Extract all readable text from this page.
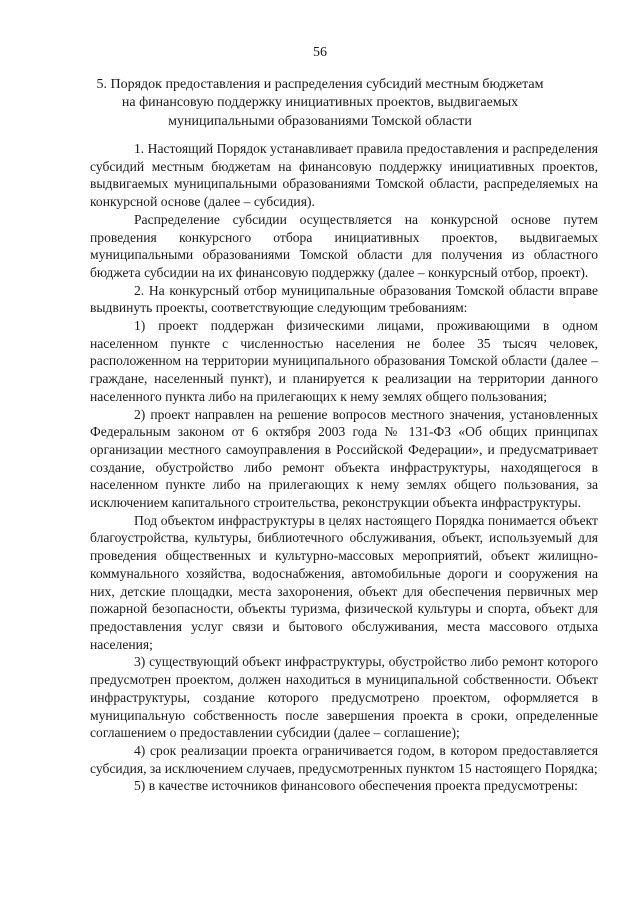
56
5. Порядок предоставления и распределения субсидий местным бюджетам на финансовую поддержку инициативных проектов, выдвигаемых муниципальными образованиями Томской области

1. Настоящий Порядок устанавливает правила предоставления и распределения субсидий местным бюджетам на финансовую поддержку инициативных проектов, выдвигаемых муниципальными образованиями Томской области, распределяемых на конкурсной основе (далее – субсидия).

Распределение субсидии осуществляется на конкурсной основе путем проведения конкурсного отбора инициативных проектов, выдвигаемых муниципальными образованиями Томской области для получения из областного бюджета субсидии на их финансовую поддержку (далее – конкурсный отбор, проект).

2. На конкурсный отбор муниципальные образования Томской области вправе выдвинуть проекты, соответствующие следующим требованиям:

1) проект поддержан физическими лицами, проживающими в одном населенном пункте с численностью населения не более 35 тысяч человек, расположенном на территории муниципального образования Томской области (далее – граждане, населенный пункт), и планируется к реализации на территории данного населенного пункта либо на прилегающих к нему землях общего пользования;

2) проект направлен на решение вопросов местного значения, установленных Федеральным законом от 6 октября 2003 года № 131-ФЗ «Об общих принципах организации местного самоуправления в Российской Федерации», и предусматривает создание, обустройство либо ремонт объекта инфраструктуры, находящегося в населенном пункте либо на прилегающих к нему землях общего пользования, за исключением капитального строительства, реконструкции объекта инфраструктуры.

Под объектом инфраструктуры в целях настоящего Порядка понимается объект благоустройства, культуры, библиотечного обслуживания, объект, используемый для проведения общественных и культурно-массовых мероприятий, объект жилищно-коммунального хозяйства, водоснабжения, автомобильные дороги и сооружения на них, детские площадки, места захоронения, объект для обеспечения первичных мер пожарной безопасности, объекты туризма, физической культуры и спорта, объект для предоставления услуг связи и бытового обслуживания, места массового отдыха населения;

3) существующий объект инфраструктуры, обустройство либо ремонт которого предусмотрен проектом, должен находиться в муниципальной собственности. Объект инфраструктуры, создание которого предусмотрено проектом, оформляется в муниципальную собственность после завершения проекта в сроки, определенные соглашением о предоставлении субсидии (далее – соглашение);

4) срок реализации проекта ограничивается годом, в котором предоставляется субсидия, за исключением случаев, предусмотренных пунктом 15 настоящего Порядка;

5) в качестве источников финансового обеспечения проекта предусмотрены:
